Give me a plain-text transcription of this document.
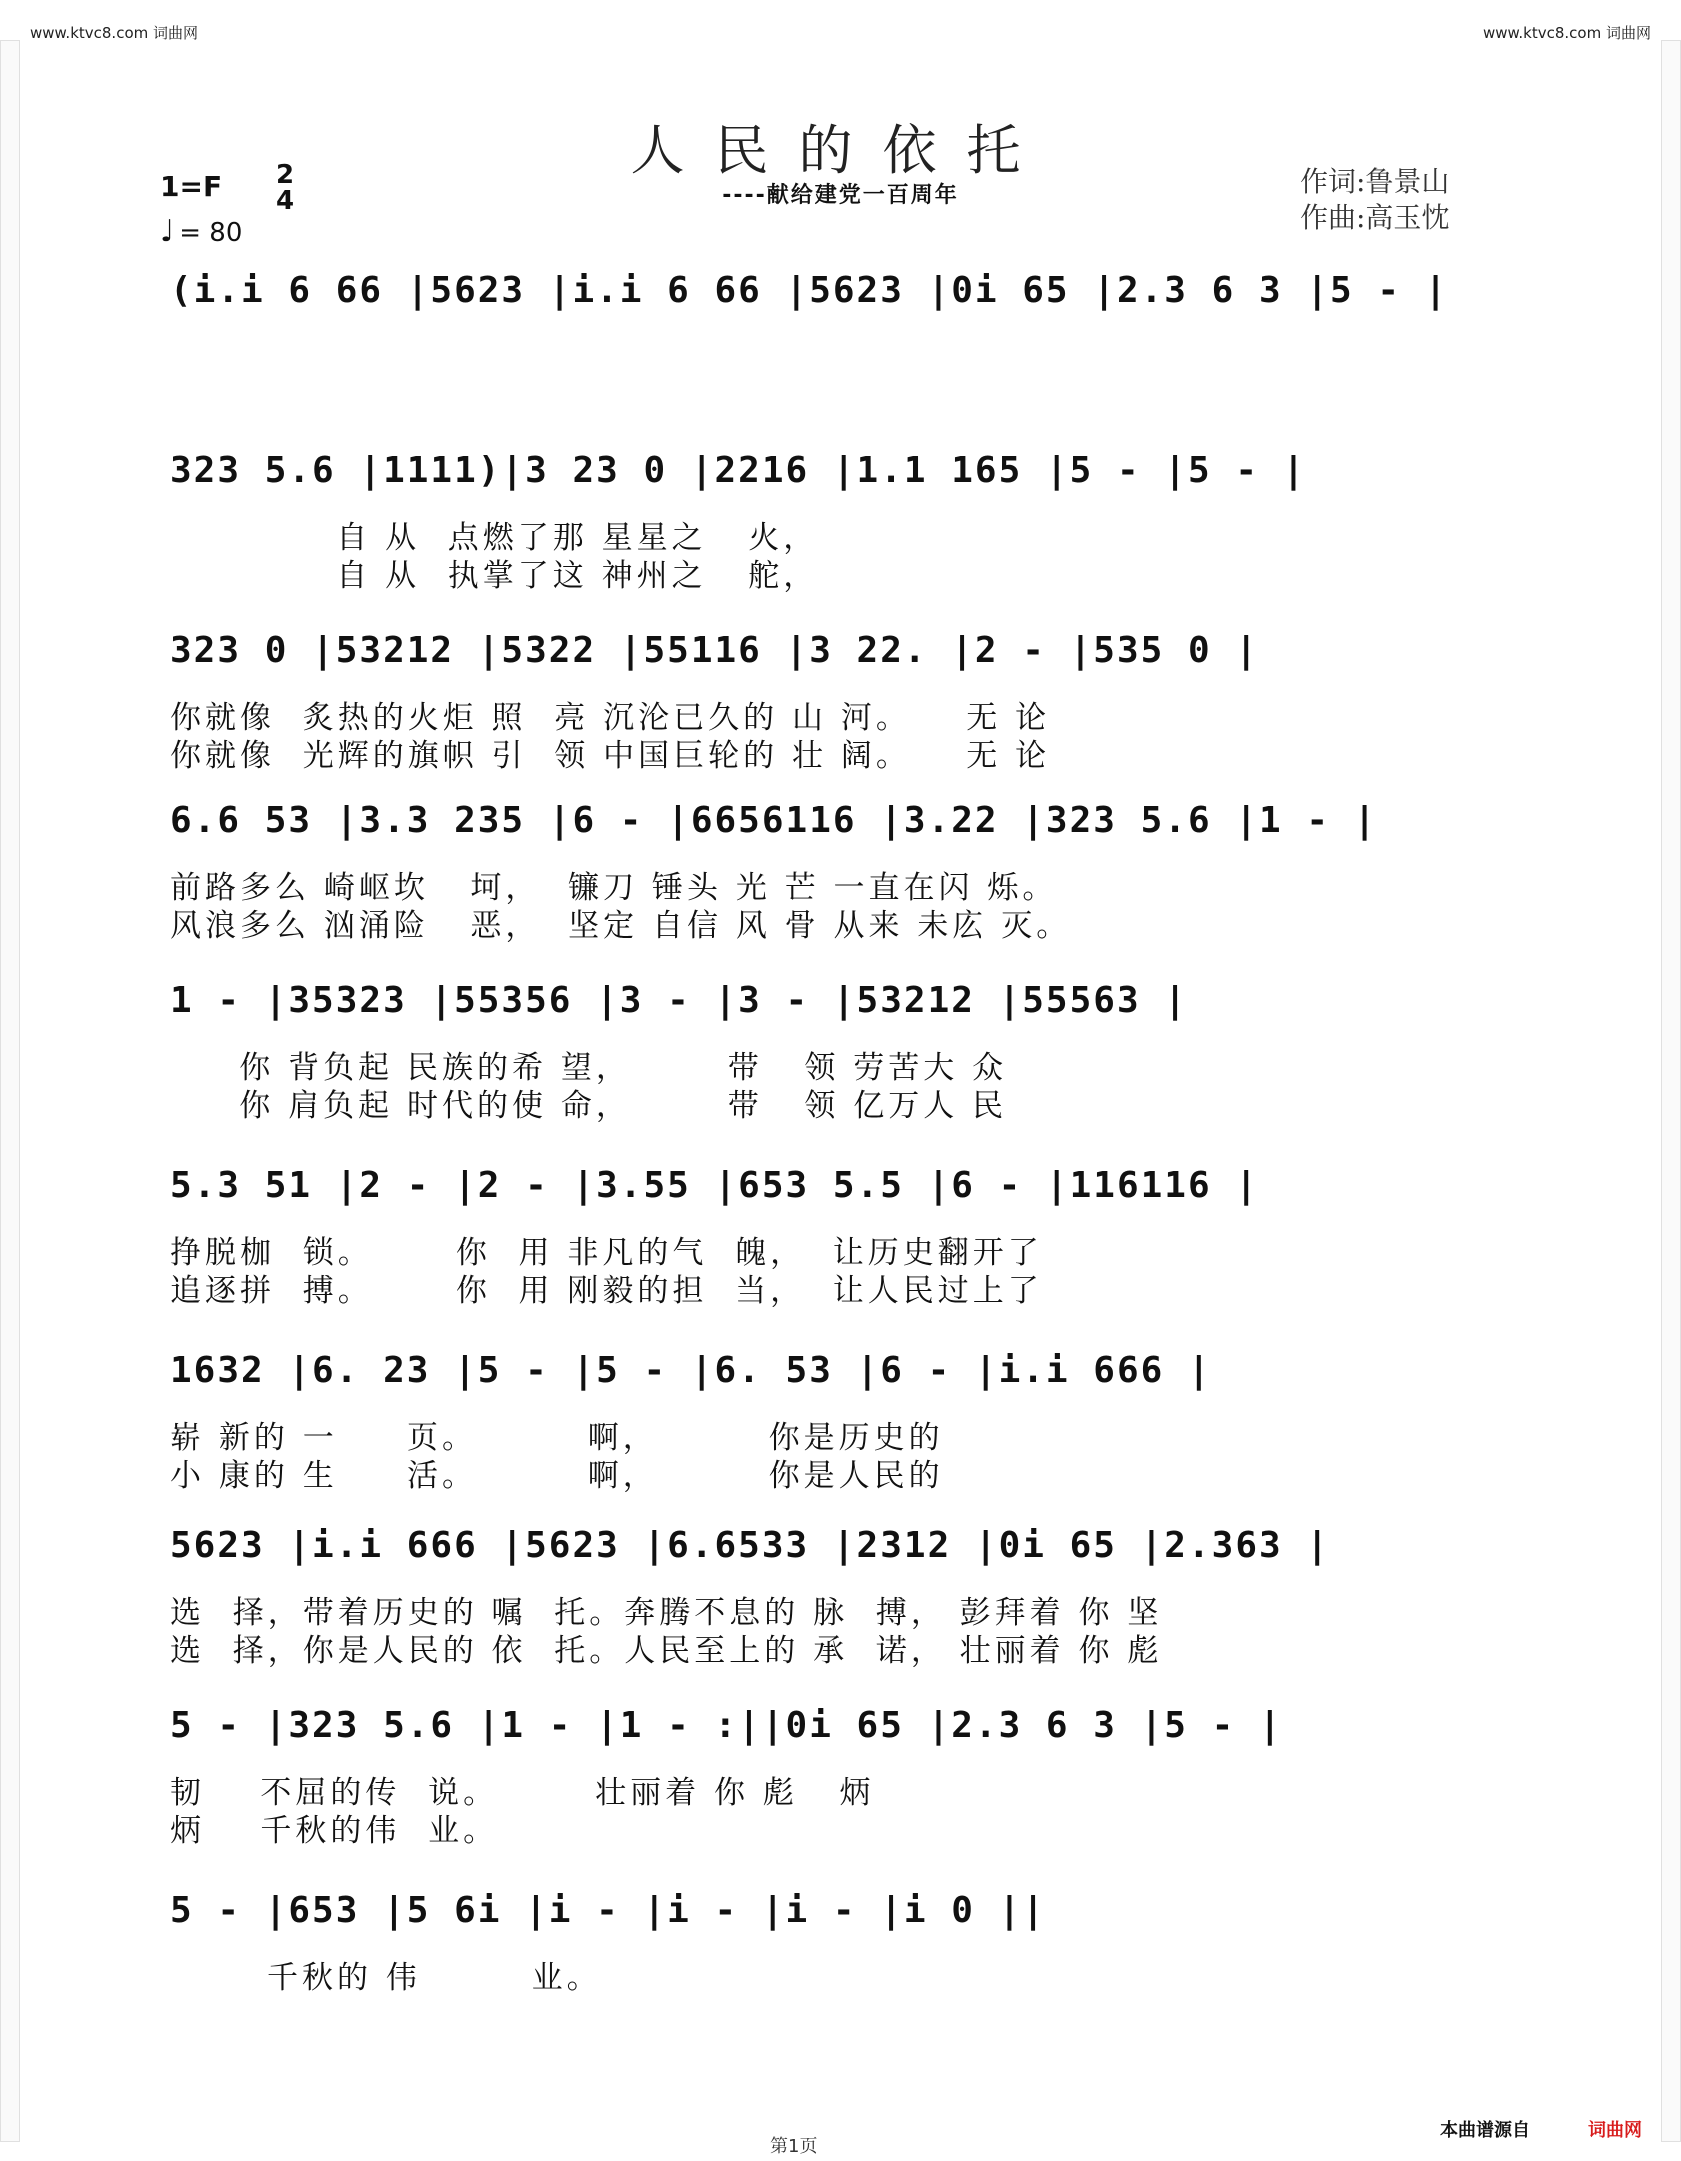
www.ktvc8.com 词曲网	www.ktvc8.com 词曲网
人民的依托
----献给建党一百周年	作词:鲁景山
作曲:高玉忱
1=F 2
4
♩ = 80
(i.i 6 66 |5623 |i.i 6 66 |5623 |0i 65 |2.3 6 3 |5 - |
323 5.6 |1111)|3 23 0 |2216 |1.1 165 |5 - |5 - |
自 从  点燃了那 星星之   火，
自 从  执掌了这 神州之   舵，
323 0 |53212 |5322 |55116 |3 22. |2 - |535 0 |
你就像  炙热的火炬 照  亮 沉沦已久的 山 河。    无 论
你就像  光辉的旗帜 引  领 中国巨轮的 壮 阔。    无 论
6.6 53 |3.3 235 |6 - |6656116 |3.22 |323 5.6 |1 - |
前路多么 崎岖坎   坷，  镰刀 锤头 光 芒 一直在闪 烁。
风浪多么 汹涌险   恶，  坚定 自信 风 骨 从来 未庅 灭。
1 - |35323 |55356 |3 - |3 - |53212 |55563 |
你 背负起 民族的希 望，       带   领 劳苦大 众
你 肩负起 时代的使 命，       带   领 亿万人 民
5.3 51 |2 - |2 - |3.55 |653 5.5 |6 - |116116 |
挣脱枷  锁。      你  用 非凡的气  魄，  让历史翻开了
追逐拼  搏。      你  用 刚毅的担  当，  让人民过上了
1632 |6. 23 |5 - |5 - |6. 53 |6 - |i.i 666 |
崭 新的 一     页。        啊，        你是历史的
小 康的 生     活。        啊，        你是人民的
5623 |i.i 666 |5623 |6.6533 |2312 |0i 65 |2.363 |
选  择，带着历史的 嘱  托。奔腾不息的 脉  搏， 彭拜着 你 坚
选  择，你是人民的 依  托。人民至上的 承  诺， 壮丽着 你 彪
5 - |323 5.6 |1 - |1 - :||0i 65 |2.3 6 3 |5 - |
韧    不屈的传  说。       壮丽着 你 彪   炳
炳    千秋的伟  业。
5 - |653 |5 6i |i - |i - |i - |i 0 ||
千秋的 伟        业。
本曲谱源自	词曲网
第1页
